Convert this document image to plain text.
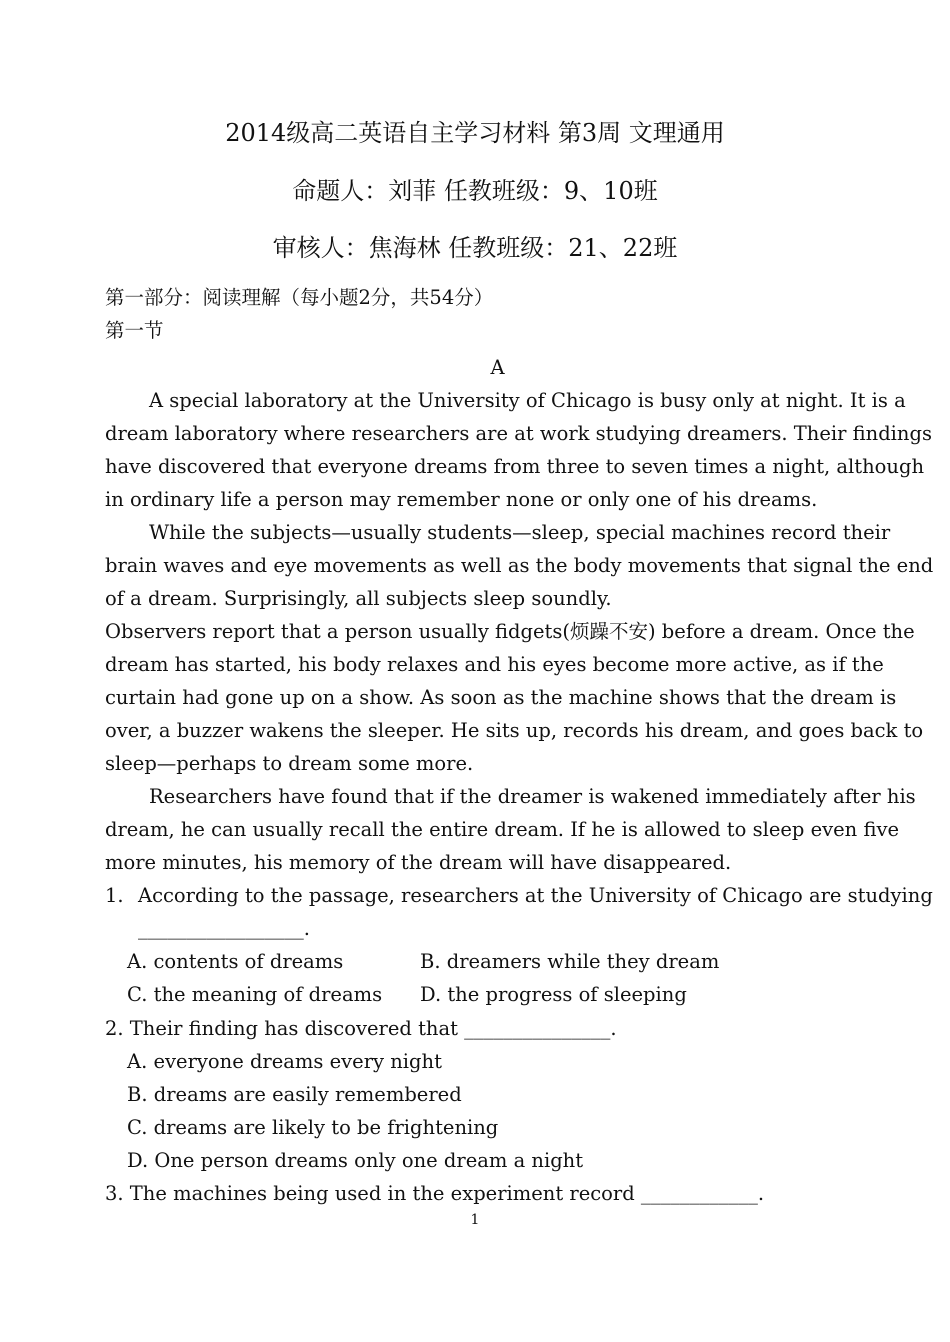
2014级高二英语自主学习材料 第3周 文理通用
命题人：刘菲 任教班级：9、10班
审核人：焦海林 任教班级：21、22班
第一部分：阅读理解（每小题2分，共54分）
第一节
A
A special laboratory at the University of Chicago is busy only at night. It is a
dream laboratory where researchers are at work studying dreamers. Their findings
have discovered that everyone dreams from three to seven times a night, although
in ordinary life a person may remember none or only one of his dreams.
While the subjects—usually students—sleep, special machines record their
brain waves and eye movements as well as the body movements that signal the end
of a dream. Surprisingly, all subjects sleep soundly.
Observers report that a person usually fidgets(烦躁不安) before a dream. Once the
dream has started, his body relaxes and his eyes become more active, as if the
curtain had gone up on a show. As soon as the machine shows that the dream is
over, a buzzer wakens the sleeper. He sits up, records his dream, and goes back to
sleep—perhaps to dream some more.
Researchers have found that if the dreamer is wakened immediately after his
dream, he can usually recall the entire dream. If he is allowed to sleep even five
more minutes, his memory of the dream will have disappeared.
1. According to the passage, researchers at the University of Chicago are studying
_________________.
A. contents of dreams	B. dreamers while they dream
C. the meaning of dreams D. the progress of sleeping
2. Their finding has discovered that _______________.
A. everyone dreams every night
B. dreams are easily remembered
C. dreams are likely to be frightening
D. One person dreams only one dream a night
3. The machines being used in the experiment record ____________.
1
